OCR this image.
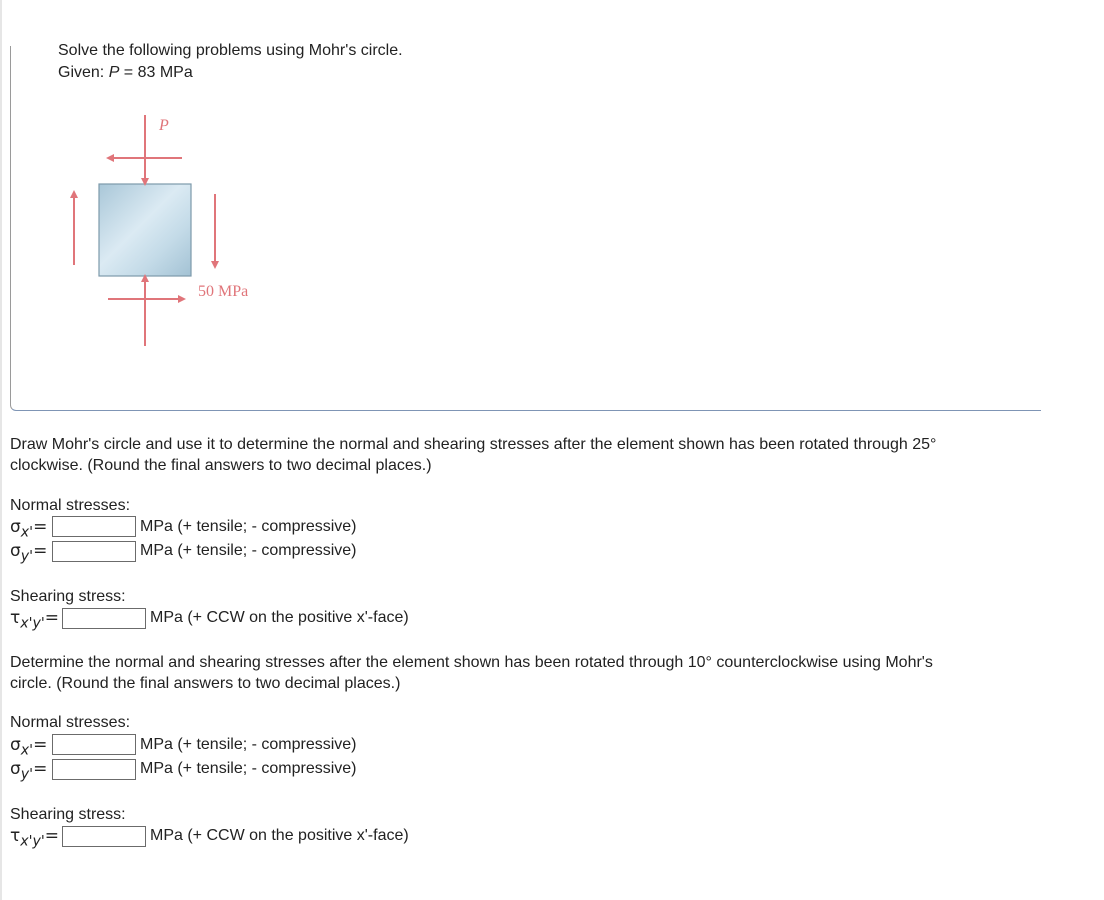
Solve the following problems using Mohr's circle.
Given: P = 83 MPa
P
50 MPa
Draw Mohr's circle and use it to determine the normal and shearing stresses after the element shown has been rotated through 25°
clockwise. (Round the final answers to two decimal places.)
Normal stresses:
$\sigma_{x'}=$	MPa (+ tensile; - compressive)
$\sigma_{y'}=$	MPa (+ tensile; - compressive)
Shearing stress:
$\tau_{x'y'}=$	MPa (+ CCW on the positive x'-face)
Determine the normal and shearing stresses after the element shown has been rotated through 10° counterclockwise using Mohr's
circle. (Round the final answers to two decimal places.)
Normal stresses:
$\sigma_{x'}=$	MPa (+ tensile; - compressive)
$\sigma_{y'}=$	MPa (+ tensile; - compressive)
Shearing stress:
$\tau_{x'y'}=$	MPa (+ CCW on the positive x'-face)
